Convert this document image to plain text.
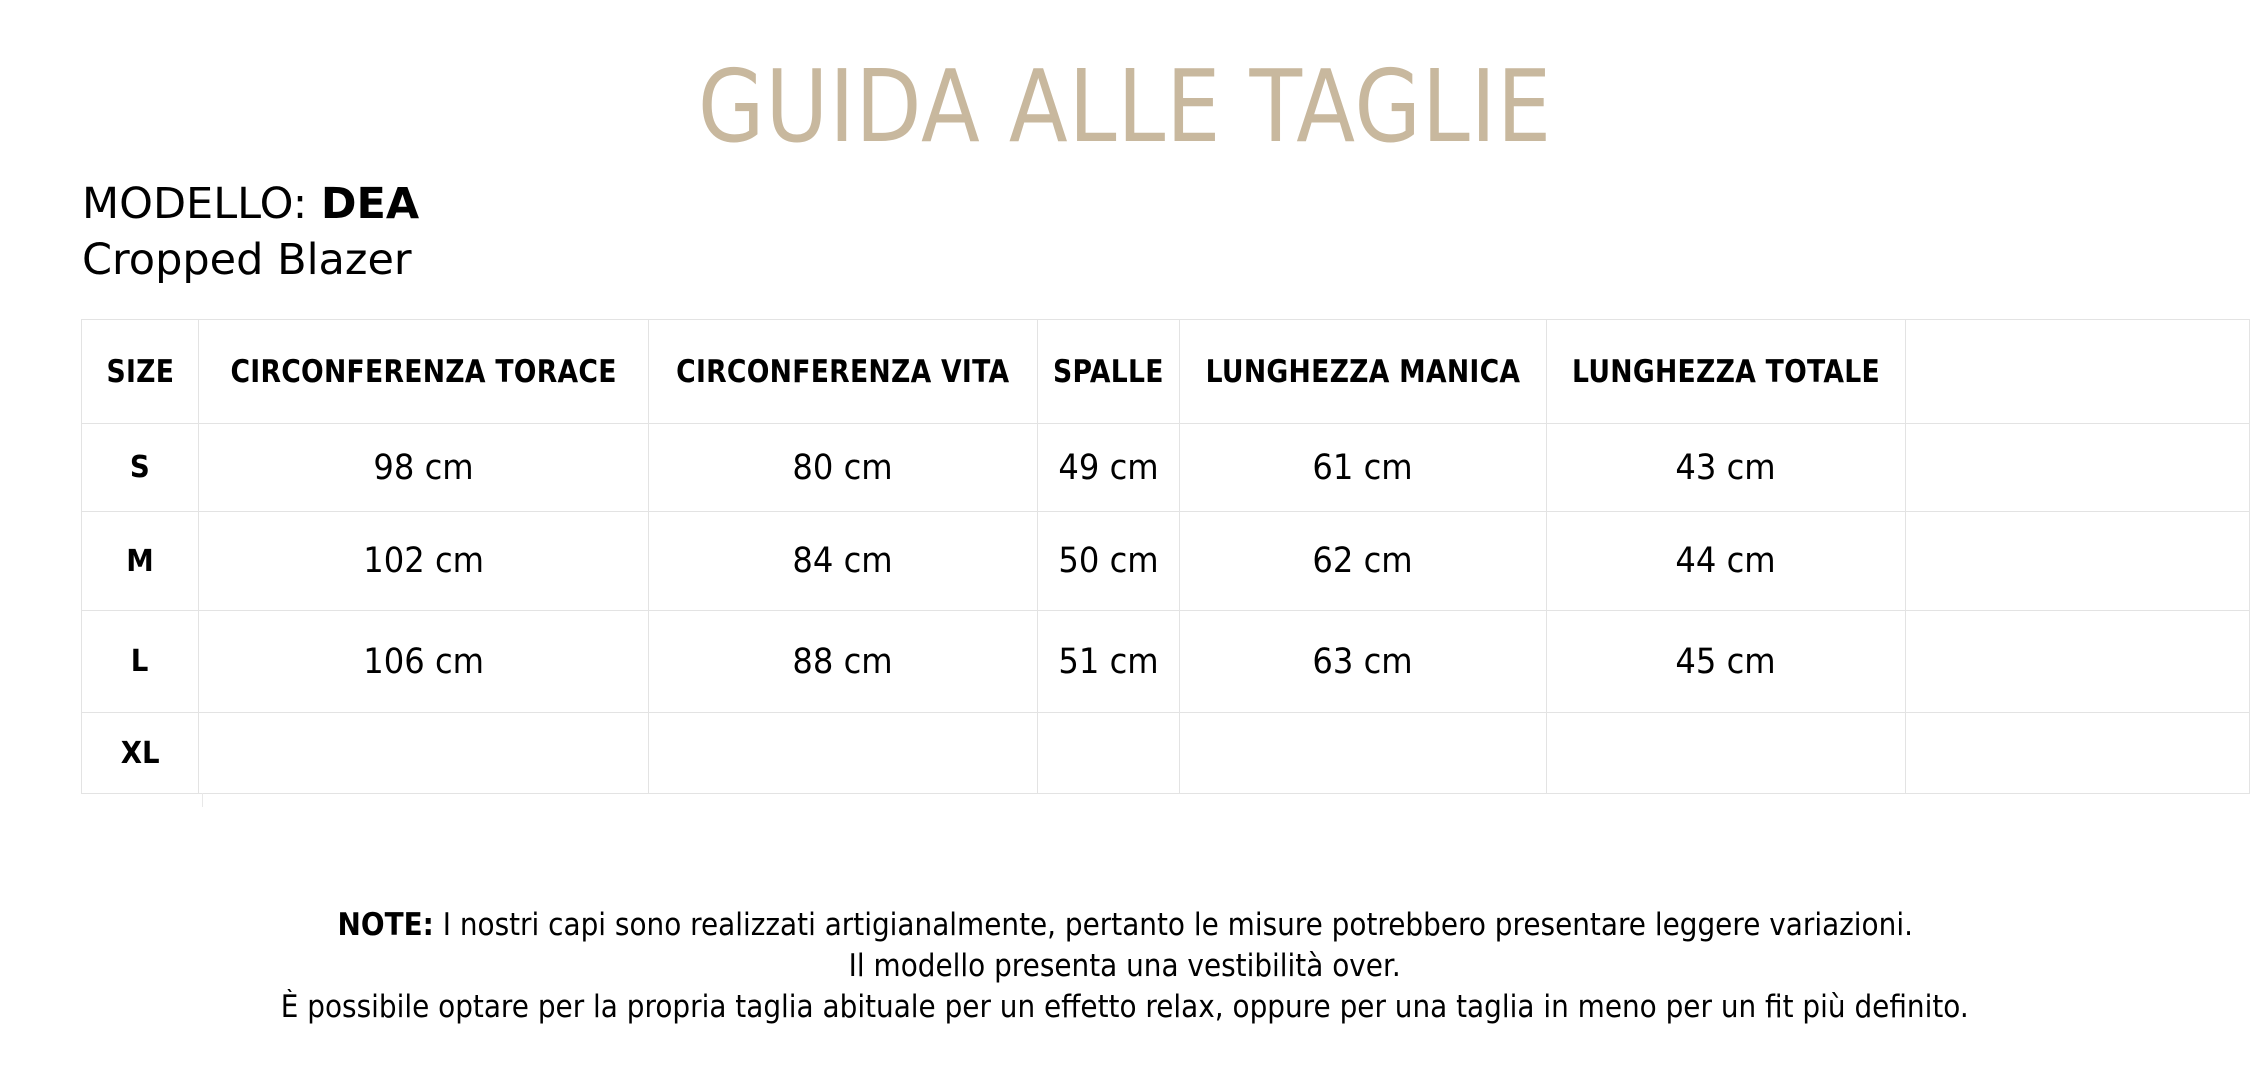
GUIDA ALLE TAGLIE
MODELLO: DEA
Cropped Blazer
SIZE	CIRCONFERENZA TORACE	CIRCONFERENZA VITA	SPALLE	LUNGHEZZA MANICA	LUNGHEZZA TOTALE	
S	98 cm	80 cm	49 cm	61 cm	43 cm	
M	102 cm	84 cm	50 cm	62 cm	44 cm	
L	106 cm	88 cm	51 cm	63 cm	45 cm	
XL						
NOTE: I nostri capi sono realizzati artigianalmente, pertanto le misure potrebbero presentare leggere variazioni.
Il modello presenta una vestibilità over.
È possibile optare per la propria taglia abituale per un effetto relax, oppure per una taglia in meno per un fit più definito.
